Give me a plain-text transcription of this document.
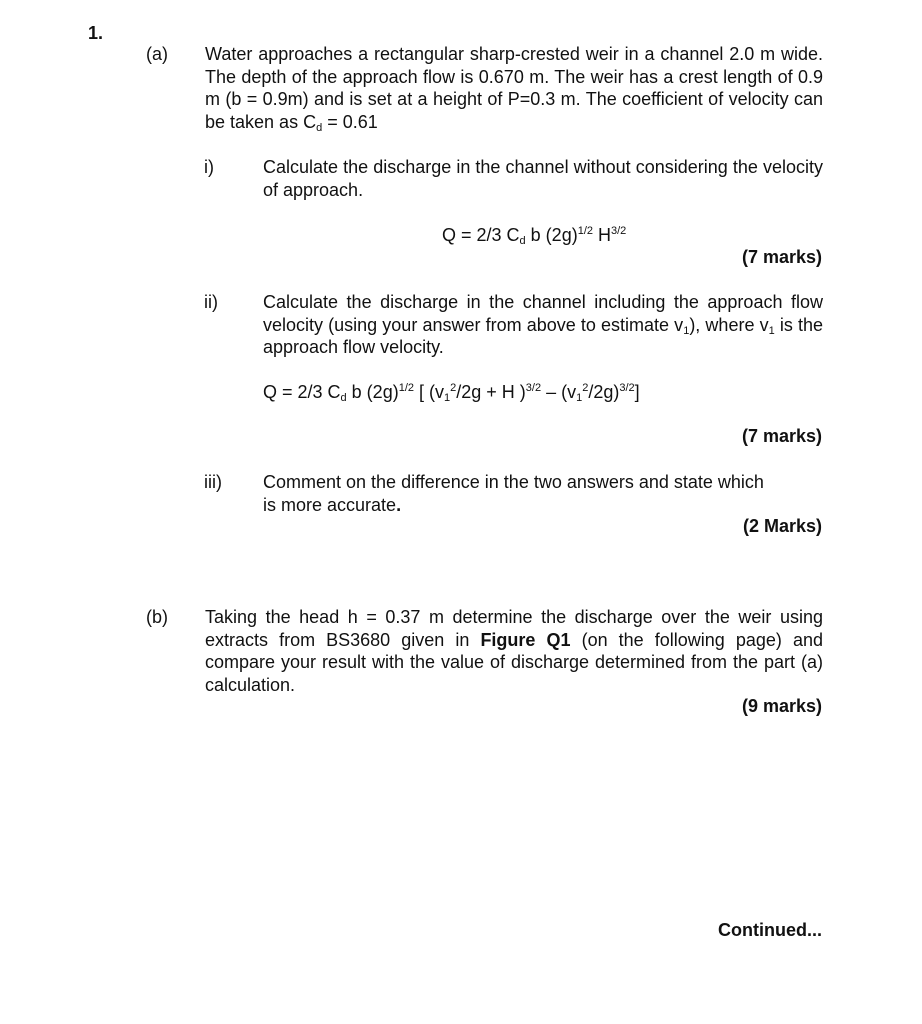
1.
(a) Water approaches a rectangular sharp-crested weir in a channel 2.0 m wide. The depth of the approach flow is 0.670 m. The weir has a crest length of 0.9 m (b = 0.9m) and is set at a height of P=0.3 m. The coefficient of velocity can be taken as $C_d = 0.61$
i)	Calculate the discharge in the channel without considering the velocity of approach.
Q = 2/3 $C_d$ b $(2g)^{1/2}$ $H^{3/2}$
(7 marks)
ii)	Calculate the discharge in the channel including the approach flow velocity (using your answer from above to estimate $v_1$), where $v_1$ is the approach flow velocity.
Q = 2/3 $C_d$ b $(2g)^{1/2}$ [ ($v_1^2/2g + H$ )$^{3/2} - (v_1^2/2g)^{3/2}$]
(7 marks)
iii) Comment on the difference in the two answers and state which
is more accurate.
(2 Marks)
(b) Taking the head h = 0.37 m determine the discharge over the weir using extracts from BS3680 given in Figure Q1 (on the following page) and compare your result with the value of discharge determined from the part (a) calculation.
(9 marks)
Continued...
